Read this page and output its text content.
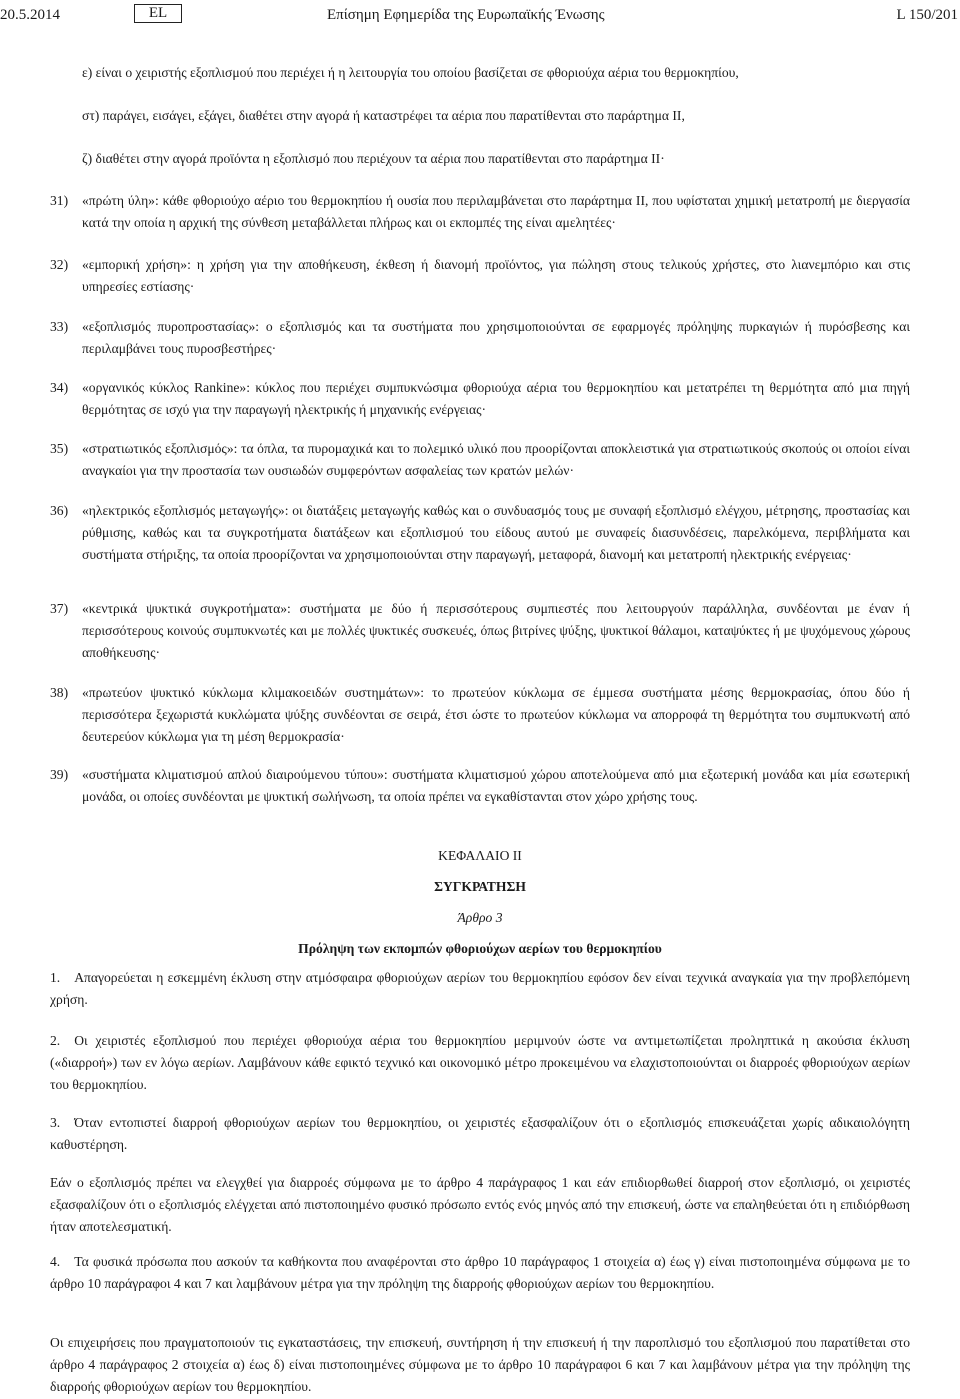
20.5.2014	EL	Επίσημη Εφημερίδα της Ευρωπαϊκής Ένωσης	L 150/201
ε) είναι ο χειριστής εξοπλισμού που περιέχει ή η λειτουργία του οποίου βασίζεται σε φθοριούχα αέρια του θερμοκηπίου,
στ) παράγει, εισάγει, εξάγει, διαθέτει στην αγορά ή καταστρέφει τα αέρια που παρατίθενται στο παράρτημα II,
ζ) διαθέτει στην αγορά προϊόντα η εξοπλισμό που περιέχουν τα αέρια που παρατίθενται στο παράρτημα II·
31) «πρώτη ύλη»: κάθε φθοριούχο αέριο του θερμοκηπίου ή ουσία που περιλαμβάνεται στο παράρτημα II, που υφίσταται χημική μετατροπή με διεργασία κατά την οποία η αρχική της σύνθεση μεταβάλλεται πλήρως και οι εκπομπές της είναι αμελητέες·
32) «εμπορική χρήση»: η χρήση για την αποθήκευση, έκθεση ή διανομή προϊόντος, για πώληση στους τελικούς χρήστες, στο λιανεμπόριο και στις υπηρεσίες εστίασης·
33) «εξοπλισμός πυροπροστασίας»: ο εξοπλισμός και τα συστήματα που χρησιμοποιούνται σε εφαρμογές πρόληψης πυρκαγιών ή πυρόσβεσης και περιλαμβάνει τους πυροσβεστήρες·
34) «οργανικός κύκλος Rankine»: κύκλος που περιέχει συμπυκνώσιμα φθοριούχα αέρια του θερμοκηπίου και μετατρέπει τη θερμότητα από μια πηγή θερμότητας σε ισχύ για την παραγωγή ηλεκτρικής ή μηχανικής ενέργειας·
35) «στρατιωτικός εξοπλισμός»: τα όπλα, τα πυρομαχικά και το πολεμικό υλικό που προορίζονται αποκλειστικά για στρατιωτικούς σκοπούς οι οποίοι είναι αναγκαίοι για την προστασία των ουσιωδών συμφερόντων ασφαλείας των κρατών μελών·
36) «ηλεκτρικός εξοπλισμός μεταγωγής»: οι διατάξεις μεταγωγής καθώς και ο συνδυασμός τους με συναφή εξοπλισμό ελέγχου, μέτρησης, προστασίας και ρύθμισης, καθώς και τα συγκροτήματα διατάξεων και εξοπλισμού του είδους αυτού με συναφείς διασυνδέσεις, παρελκόμενα, περιβλήματα και συστήματα στήριξης, τα οποία προορίζονται να χρησιμοποιούνται στην παραγωγή, μεταφορά, διανομή και μετατροπή ηλεκτρικής ενέργειας·
37) «κεντρικά ψυκτικά συγκροτήματα»: συστήματα με δύο ή περισσότερους συμπιεστές που λειτουργούν παράλληλα, συνδέονται με έναν ή περισσότερους κοινούς συμπυκνωτές και με πολλές ψυκτικές συσκευές, όπως βιτρίνες ψύξης, ψυκτικοί θάλαμοι, καταψύκτες ή με ψυχόμενους χώρους αποθήκευσης·
38) «πρωτεύον ψυκτικό κύκλωμα κλιμακοειδών συστημάτων»: το πρωτεύον κύκλωμα σε έμμεσα συστήματα μέσης θερμοκρασίας, όπου δύο ή περισσότερα ξεχωριστά κυκλώματα ψύξης συνδέονται σε σειρά, έτσι ώστε το πρωτεύον κύκλωμα να απορροφά τη θερμότητα του συμπυκνωτή από δευτερεύον κύκλωμα για τη μέση θερμοκρασία·
39) «συστήματα κλιματισμού απλού διαιρούμενου τύπου»: συστήματα κλιματισμού χώρου αποτελούμενα από μια εξωτερική μονάδα και μία εσωτερική μονάδα, οι οποίες συνδέονται με ψυκτική σωλήνωση, τα οποία πρέπει να εγκαθίστανται στον χώρο χρήσης τους.
ΚΕΦΑΛΑΙΟ II
ΣΥΓΚΡΑΤΗΣΗ
Άρθρο 3
Πρόληψη των εκπομπών φθοριούχων αερίων του θερμοκηπίου
1. Απαγορεύεται η εσκεμμένη έκλυση στην ατμόσφαιρα φθοριούχων αερίων του θερμοκηπίου εφόσον δεν είναι τεχνικά αναγκαία για την προβλεπόμενη χρήση.
2. Οι χειριστές εξοπλισμού που περιέχει φθοριούχα αέρια του θερμοκηπίου μεριμνούν ώστε να αντιμετωπίζεται προληπτικά η ακούσια έκλυση («διαρροή») των εν λόγω αερίων. Λαμβάνουν κάθε εφικτό τεχνικό και οικονομικό μέτρο προκειμένου να ελαχιστοποιούνται οι διαρροές φθοριούχων αερίων του θερμοκηπίου.
3. Όταν εντοπιστεί διαρροή φθοριούχων αερίων του θερμοκηπίου, οι χειριστές εξασφαλίζουν ότι ο εξοπλισμός επισκευάζεται χωρίς αδικαιολόγητη καθυστέρηση.
Εάν ο εξοπλισμός πρέπει να ελεγχθεί για διαρροές σύμφωνα με το άρθρο 4 παράγραφος 1 και εάν επιδιορθωθεί διαρροή στον εξοπλισμό, οι χειριστές εξασφαλίζουν ότι ο εξοπλισμός ελέγχεται από πιστοποιημένο φυσικό πρόσωπο εντός ενός μηνός από την επισκευή, ώστε να επαληθεύεται ότι η επιδιόρθωση ήταν αποτελεσματική.
4. Τα φυσικά πρόσωπα που ασκούν τα καθήκοντα που αναφέρονται στο άρθρο 10 παράγραφος 1 στοιχεία α) έως γ) είναι πιστοποιημένα σύμφωνα με το άρθρο 10 παράγραφοι 4 και 7 και λαμβάνουν μέτρα για την πρόληψη της διαρροής φθοριούχων αερίων του θερμοκηπίου.
Οι επιχειρήσεις που πραγματοποιούν τις εγκαταστάσεις, την επισκευή, συντήρηση ή την επισκευή ή την παροπλισμό του εξοπλισμού που παρατίθεται στο άρθρο 4 παράγραφος 2 στοιχεία α) έως δ) είναι πιστοποιημένες σύμφωνα με το άρθρο 10 παράγραφοι 6 και 7 και λαμβάνουν μέτρα για την πρόληψη της διαρροής φθοριούχων αερίων του θερμοκηπίου.
